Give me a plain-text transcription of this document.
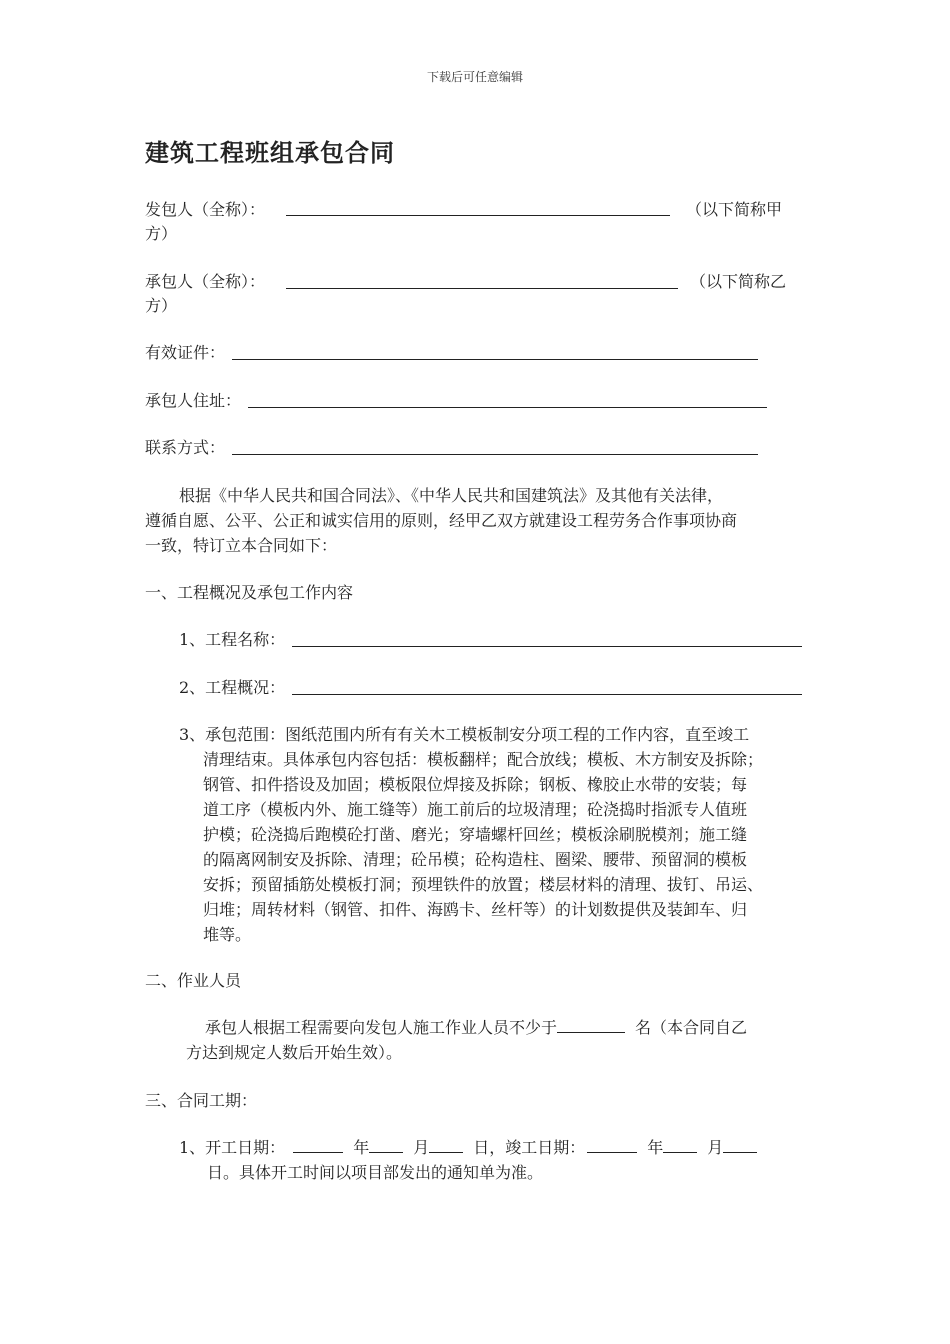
下载后可任意编辑
建筑工程班组承包合同
发包人（全称）：	（以下简称甲
方）
承包人（全称）：	（以下简称乙
方）
有效证件：
承包人住址：
联系方式：
根据《中华人民共和国合同法》、《中华人民共和国建筑法》及其他有关法律，
遵循自愿、公平、公正和诚实信用的原则，经甲乙双方就建设工程劳务合作事项协商
一致，特订立本合同如下：
一、工程概况及承包工作内容
1、工程名称：
2、工程概况：
3、承包范围：图纸范围内所有有关木工模板制安分项工程的工作内容，直至竣工
清理结束。具体承包内容包括：模板翻样；配合放线；模板、木方制安及拆除；
钢管、扣件搭设及加固；模板限位焊接及拆除；钢板、橡胶止水带的安装；每
道工序（模板内外、施工缝等）施工前后的垃圾清理；砼浇捣时指派专人值班
护模；砼浇捣后跑模砼打凿、磨光；穿墙螺杆回丝；模板涂刷脱模剂；施工缝
的隔离网制安及拆除、清理；砼吊模；砼构造柱、圈梁、腰带、预留洞的模板
安拆；预留插筋处模板打洞；预埋铁件的放置；楼层材料的清理、拔钉、吊运、
归堆；周转材料（钢管、扣件、海鸥卡、丝杆等）的计划数提供及装卸车、归
堆等。
二、作业人员
承包人根据工程需要向发包人施工作业人员不少于	名（本合同自乙
方达到规定人数后开始生效）。
三、合同工期：
1、开工日期：	年	月	日，竣工日期：	年	月
日。具体开工时间以项目部发出的通知单为准。
